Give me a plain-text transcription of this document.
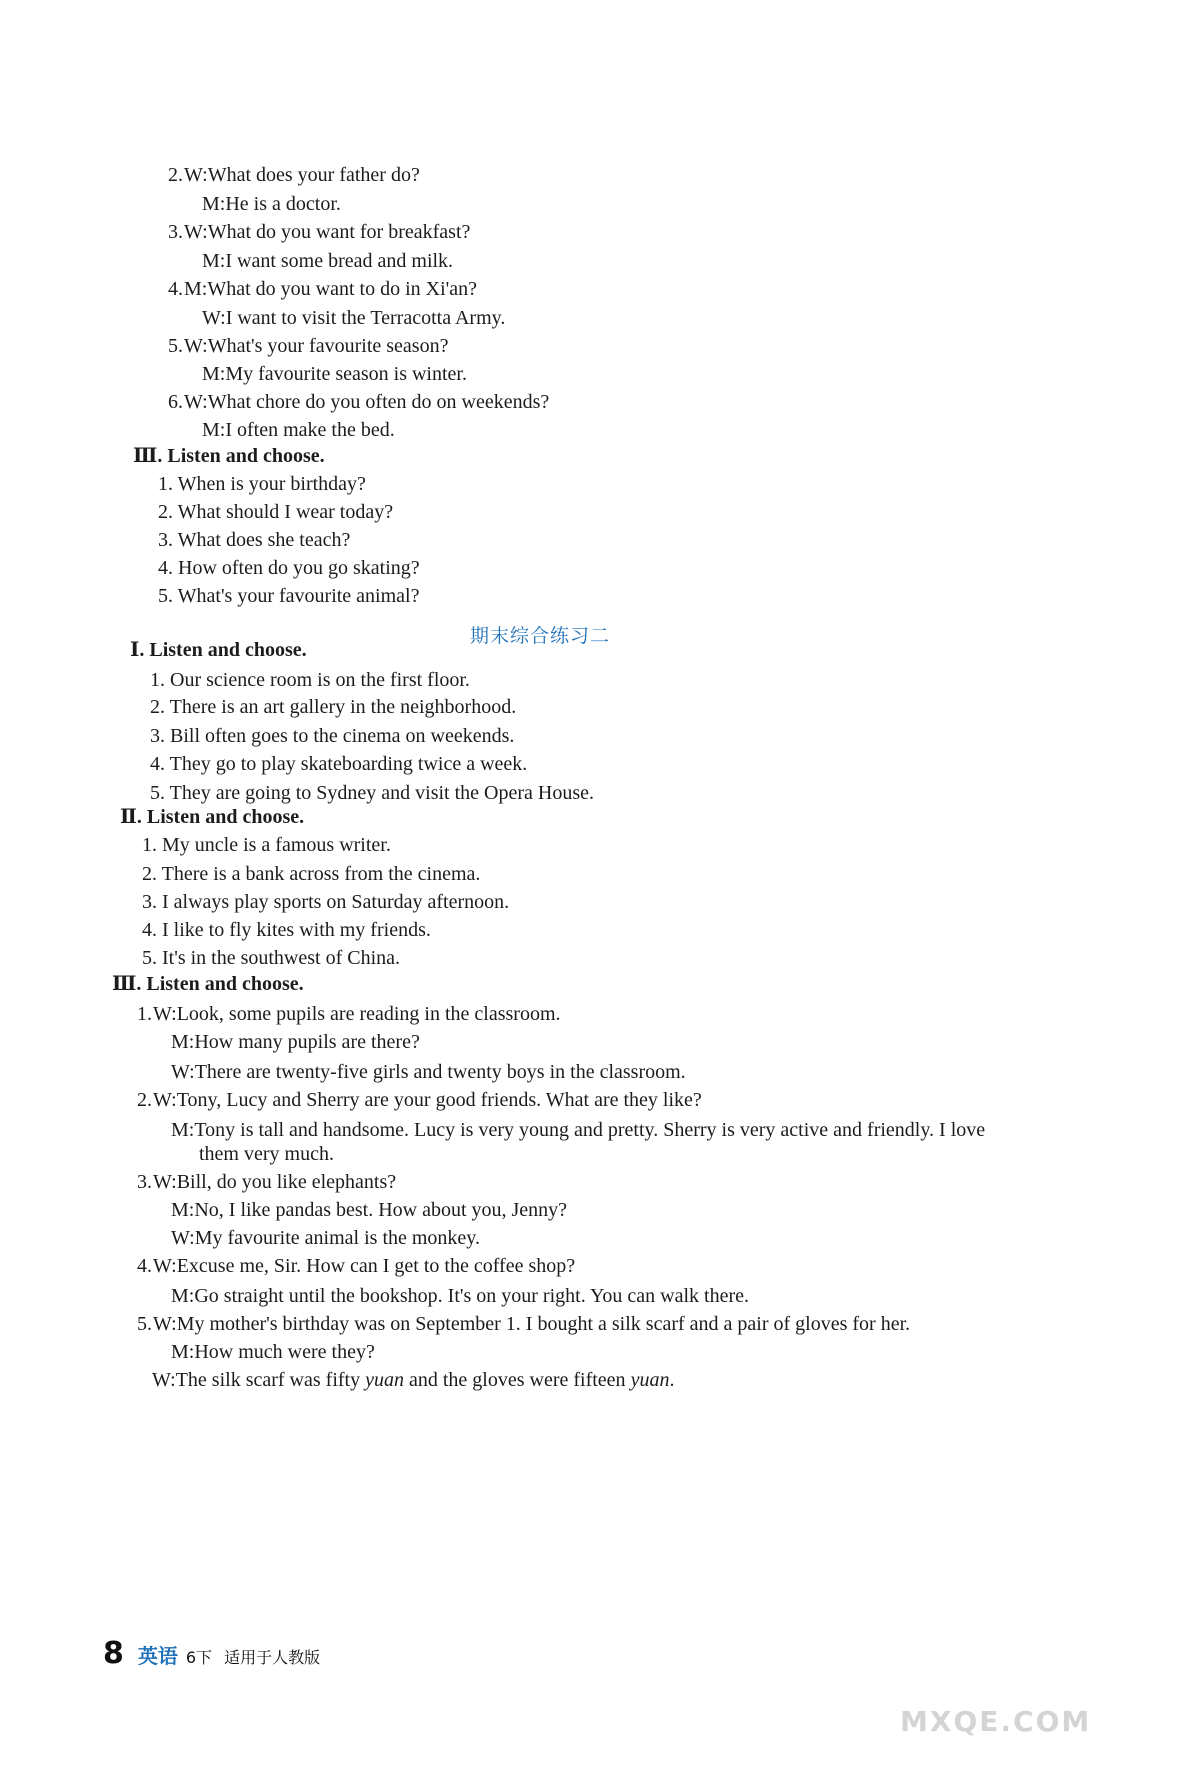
2.W:What does your father do?
M:He is a doctor.
3.W:What do you want for breakfast?
M:I want some bread and milk.
4.M:What do you want to do in Xi'an?
W:I want to visit the Terracotta Army.
5.W:What's your favourite season?
M:My favourite season is winter.
6.W:What chore do you often do on weekends?
M:I often make the bed.
Ⅲ. Listen and choose.
1. When is your birthday?
2. What should I wear today?
3. What does she teach?
4. How often do you go skating?
5. What's your favourite animal?
期末综合练习二
Ⅰ. Listen and choose.
1. Our science room is on the first floor.
2. There is an art gallery in the neighborhood.
3. Bill often goes to the cinema on weekends.
4. They go to play skateboarding twice a week.
5. They are going to Sydney and visit the Opera House.
Ⅱ. Listen and choose.
1. My uncle is a famous writer.
2. There is a bank across from the cinema.
3. I always play sports on Saturday afternoon.
4. I like to fly kites with my friends.
5. It's in the southwest of China.
Ⅲ. Listen and choose.
1.W:Look, some pupils are reading in the classroom.
M:How many pupils are there?
W:There are twenty-five girls and twenty boys in the classroom.
2.W:Tony, Lucy and Sherry are your good friends. What are they like?
M:Tony is tall and handsome. Lucy is very young and pretty. Sherry is very active and friendly. I love
them very much.
3.W:Bill, do you like elephants?
M:No, I like pandas best. How about you, Jenny?
W:My favourite animal is the monkey.
4.W:Excuse me, Sir. How can I get to the coffee shop?
M:Go straight until the bookshop. It's on your right. You can walk there.
5.W:My mother's birthday was on September 1. I bought a silk scarf and a pair of gloves for her.
M:How much were they?
W:The silk scarf was fifty yuan and the gloves were fifteen yuan.
8 英语 6下 适用于人教版
MXQE.COM
